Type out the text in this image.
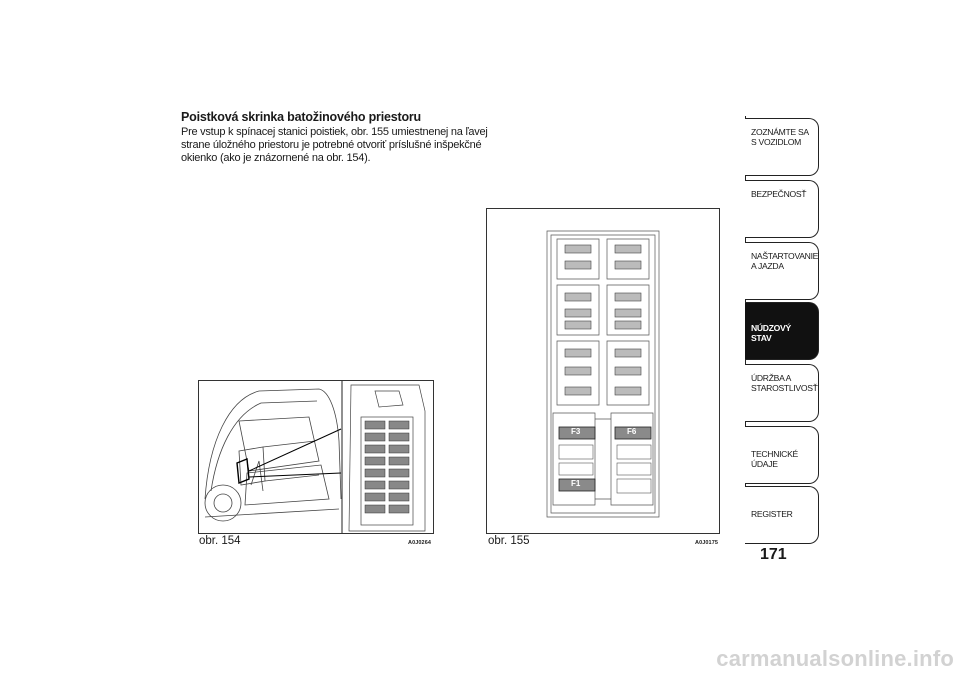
Poistková skrinka batožinového priestoru
Pre vstup k spínacej stanici poistiek, obr. 155 umiestnenej na ľavej
strane úložného priestoru je potrebné otvoriť príslušné inšpekčné
okienko (ako je znázornené na obr. 154).
obr. 154	A0J0264
F3	F6
F1
obr. 155	A0J0175
ZOZNÁMTE SA S VOZIDLOM
BEZPEČNOSŤ
NAŠTARTOVANIE A JAZDA
NÚDZOVÝ STAV
ÚDRŽBA A STAROSTLIVOSŤ
TECHNICKÉ ÚDAJE
REGISTER
171
carmanualsonline.info
